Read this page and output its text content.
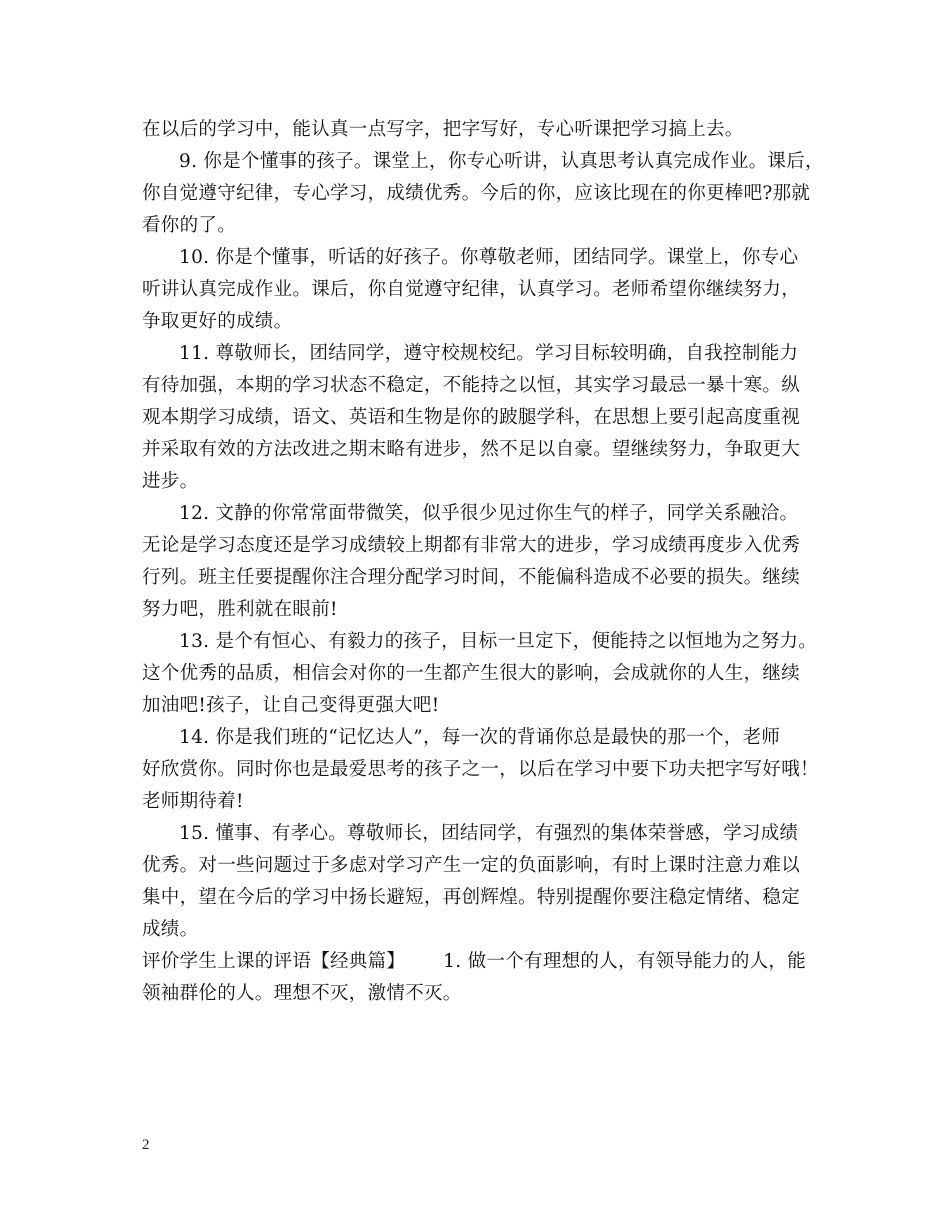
在以后的学习中，能认真一点写字，把字写好，专心听课把学习搞上去。
9. 你是个懂事的孩子。课堂上，你专心听讲，认真思考认真完成作业。课后，
你自觉遵守纪律，专心学习，成绩优秀。今后的你，应该比现在的你更棒吧?那就
看你的了。
10. 你是个懂事，听话的好孩子。你尊敬老师，团结同学。课堂上，你专心
听讲认真完成作业。课后，你自觉遵守纪律，认真学习。老师希望你继续努力，
争取更好的成绩。
11. 尊敬师长，团结同学，遵守校规校纪。学习目标较明确，自我控制能力
有待加强，本期的学习状态不稳定，不能持之以恒，其实学习最忌一暴十寒。纵
观本期学习成绩，语文、英语和生物是你的跛腿学科，在思想上要引起高度重视
并采取有效的方法改进之期末略有进步，然不足以自豪。望继续努力，争取更大
进步。
12. 文静的你常常面带微笑，似乎很少见过你生气的样子，同学关系融洽。
无论是学习态度还是学习成绩较上期都有非常大的进步，学习成绩再度步入优秀
行列。班主任要提醒你注合理分配学习时间，不能偏科造成不必要的损失。继续
努力吧，胜利就在眼前!
13. 是个有恒心、有毅力的孩子，目标一旦定下，便能持之以恒地为之努力。
这个优秀的品质，相信会对你的一生都产生很大的影响，会成就你的人生，继续
加油吧!孩子，让自己变得更强大吧!
14. 你是我们班的“记忆达人”，每一次的背诵你总是最快的那一个，老师
好欣赏你。同时你也是最爱思考的孩子之一，以后在学习中要下功夫把字写好哦！
老师期待着!
15. 懂事、有孝心。尊敬师长，团结同学，有强烈的集体荣誉感，学习成绩
优秀。对一些问题过于多虑对学习产生一定的负面影响，有时上课时注意力难以
集中，望在今后的学习中扬长避短，再创辉煌。特别提醒你要注稳定情绪、稳定
成绩。
评价学生上课的评语【经典篇】 1. 做一个有理想的人，有领导能力的人，能
领袖群伦的人。理想不灭，激情不灭。
2
